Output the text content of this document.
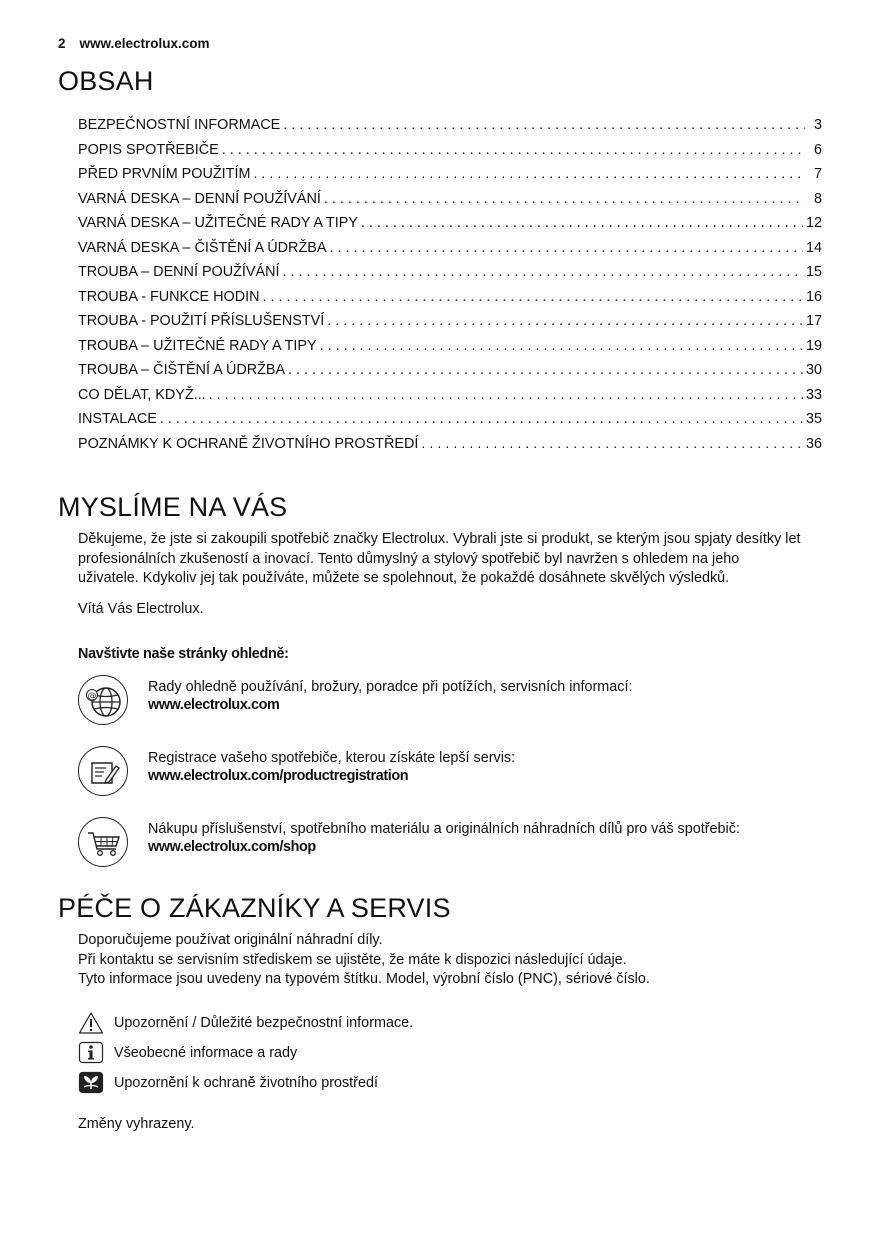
2 www.electrolux.com
OBSAH
BEZPEČNOSTNÍ INFORMACE . . .	3
POPIS SPOTŘEBIČE . . .	6
PŘED PRVNÍM POUŽITÍM . . .	7
VARNÁ DESKA – DENNÍ POUŽÍVÁNÍ . . .	8
VARNÁ DESKA – UŽITEČNÉ RADY A TIPY . . .	12
VARNÁ DESKA – ČIŠTĚNÍ A ÚDRŽBA . . .	14
TROUBA – DENNÍ POUŽÍVÁNÍ . . .	15
TROUBA - FUNKCE HODIN . . .	16
TROUBA - POUŽITÍ PŘÍSLUŠENSTVÍ . . .	17
TROUBA – UŽITEČNÉ RADY A TIPY . . .	19
TROUBA – ČIŠTĚNÍ A ÚDRŽBA . . .	30
CO DĚLAT, KDYŽ... . . .	33
INSTALACE . . .	35
POZNÁMKY K OCHRANĚ ŽIVOTNÍHO PROSTŘEDÍ . . .	36
MYSLÍME NA VÁS
Děkujeme, že jste si zakoupili spotřebič značky Electrolux. Vybrali jste si produkt, se kterým jsou spjaty desítky let
profesionálních zkušeností a inovací. Tento důmyslný a stylový spotřebič byl navržen s ohledem na jeho
uživatele. Kdykoliv jej tak používáte, můžete se spolehnout, že pokaždé dosáhnete skvělých výsledků.
Vítá Vás Electrolux.
Navštivte naše stránky ohledně:
@
Rady ohledně používání, brožury, poradce při potížích, servisních informací:
www.electrolux.com
Registrace vašeho spotřebiče, kterou získáte lepší servis:
www.electrolux.com/productregistration
Nákupu příslušenství, spotřebního materiálu a originálních náhradních dílů pro váš spotřebič:
www.electrolux.com/shop
PÉČE O ZÁKAZNÍKY A SERVIS
Doporučujeme používat originální náhradní díly.
Při kontaktu se servisním střediskem se ujistěte, že máte k dispozici následující údaje.
Tyto informace jsou uvedeny na typovém štítku. Model, výrobní číslo (PNC), sériové číslo.
Upozornění / Důležité bezpečnostní informace.
Všeobecné informace a rady
Upozornění k ochraně životního prostředí
Změny vyhrazeny.
